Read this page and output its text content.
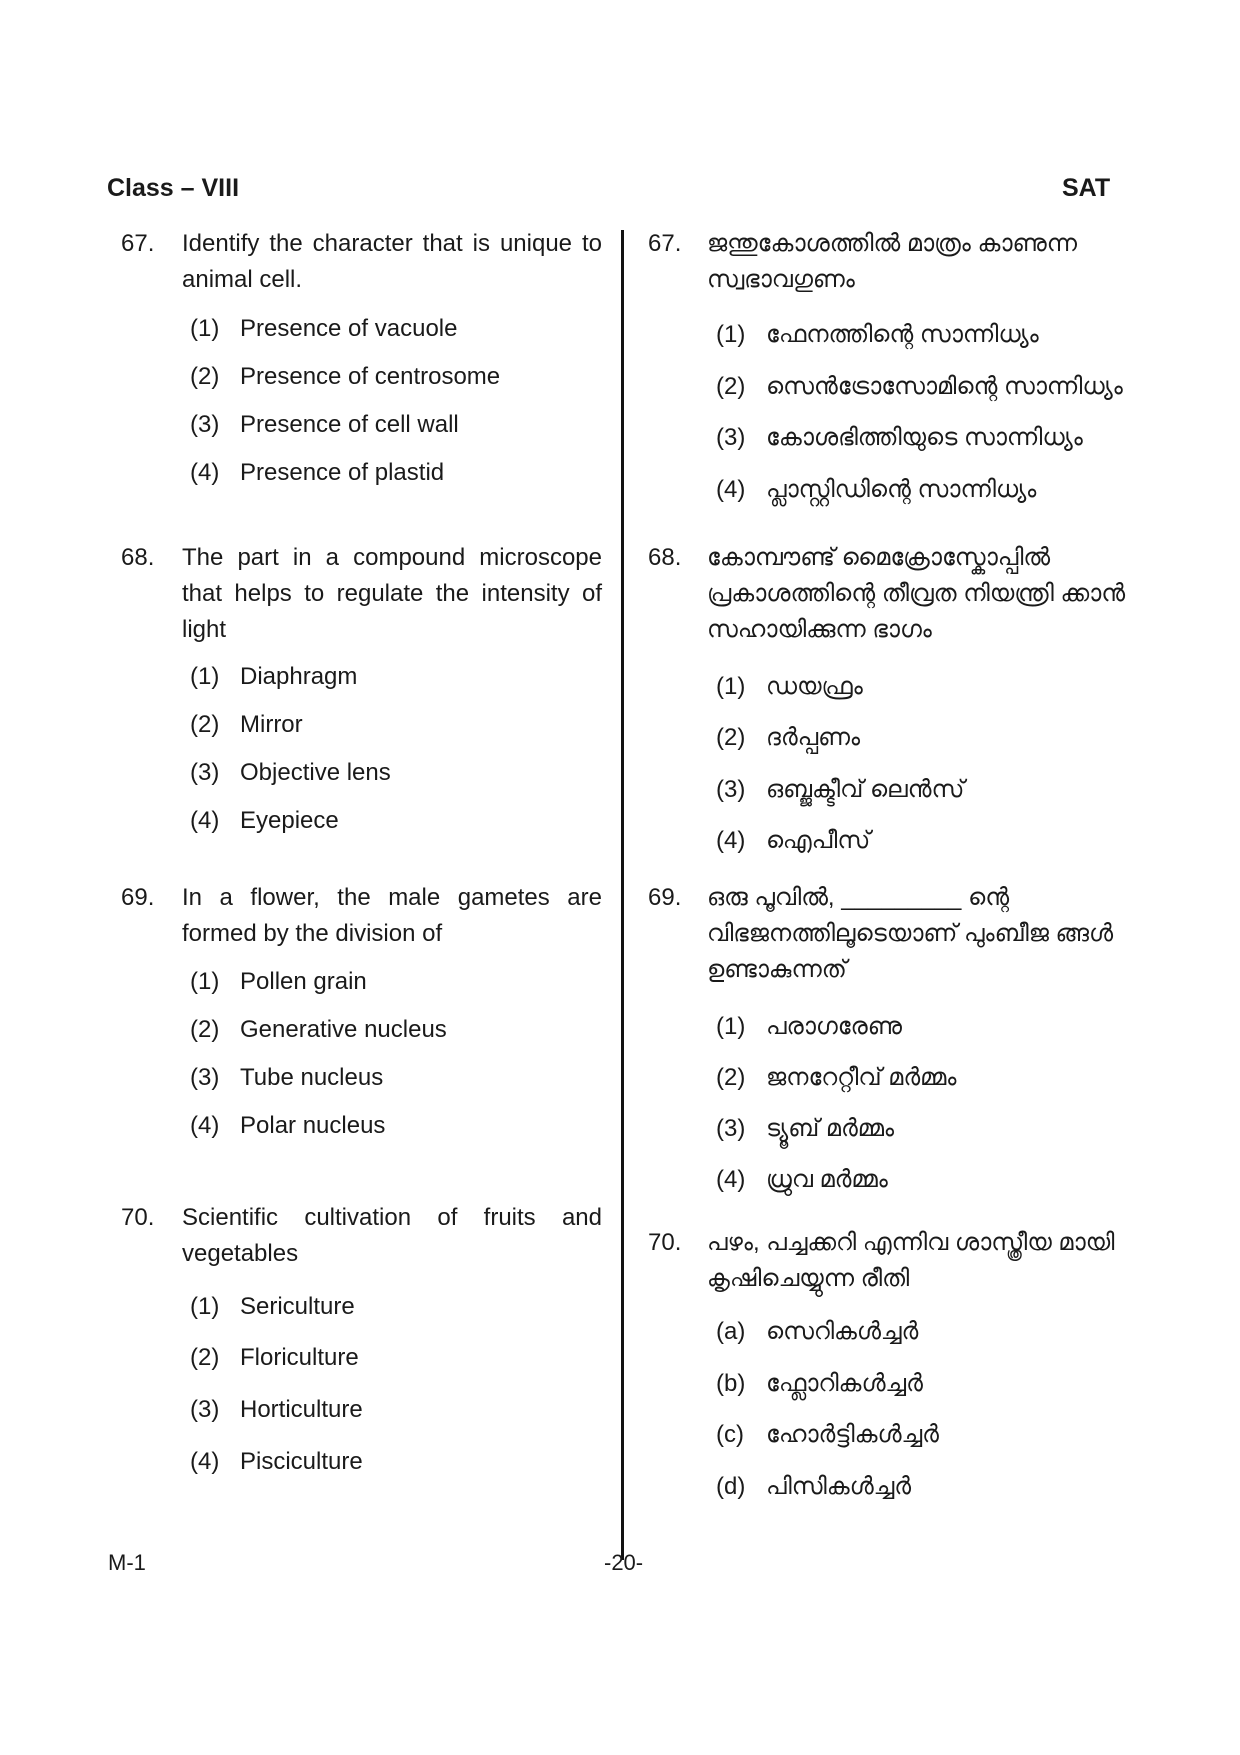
Class – VIII	SAT
67. Identify the character that is unique to animal cell.
(1) Presence of vacuole
(2) Presence of centrosome
(3) Presence of cell wall
(4) Presence of plastid
68. The part in a compound microscope that helps to regulate the intensity of light
(1) Diaphragm
(2) Mirror
(3) Objective lens
(4) Eyepiece
69. In a flower, the male gametes are formed by the division of
(1) Pollen grain
(2) Generative nucleus
(3) Tube nucleus
(4) Polar nucleus
70. Scientific cultivation of fruits and vegetables
(1) Sericulture
(2) Floriculture
(3) Horticulture
(4) Pisciculture
67. ജന്തുകോശത്തിൽ മാത്രം കാണുന്ന സ്വഭാവഗുണം
(1) ഫേനത്തിന്റെ സാന്നിധ്യം
(2) സെൻട്രോസോമിന്റെ സാന്നിധ്യം
(3) കോശഭിത്തിയുടെ സാന്നിധ്യം
(4) പ്ലാസ്റ്റിഡിന്റെ സാന്നിധ്യം
68. കോമ്പൗണ്ട് മൈക്രോസ്കോപ്പിൽ പ്രകാശത്തിന്റെ തീവ്രത നിയന്ത്രി ക്കാൻ സഹായിക്കുന്ന ഭാഗം
(1) ഡയഫ്രം
(2) ദർപ്പണം
(3) ഒബ്ജക്ടീവ് ലെൻസ്
(4) ഐപീസ്
69. ഒരു പൂവിൽ, _________ ന്റെ വിഭജനത്തിലൂടെയാണ് പുംബീജ ങ്ങൾ ഉണ്ടാകുന്നത്
(1) പരാഗരേണു
(2) ജനറേറ്റീവ് മർമ്മം
(3) ട്യൂബ് മർമ്മം
(4) ധ്രുവ മർമ്മം
70. പഴം, പച്ചക്കറി എന്നിവ ശാസ്ത്രീയ മായി കൃഷിചെയ്യുന്ന രീതി
(a) സെറികൾച്ചർ
(b) ഫ്ലോറികൾച്ചർ
(c) ഹോർട്ടികൾച്ചർ
(d) പിസികൾച്ചർ
M-1	-20-
